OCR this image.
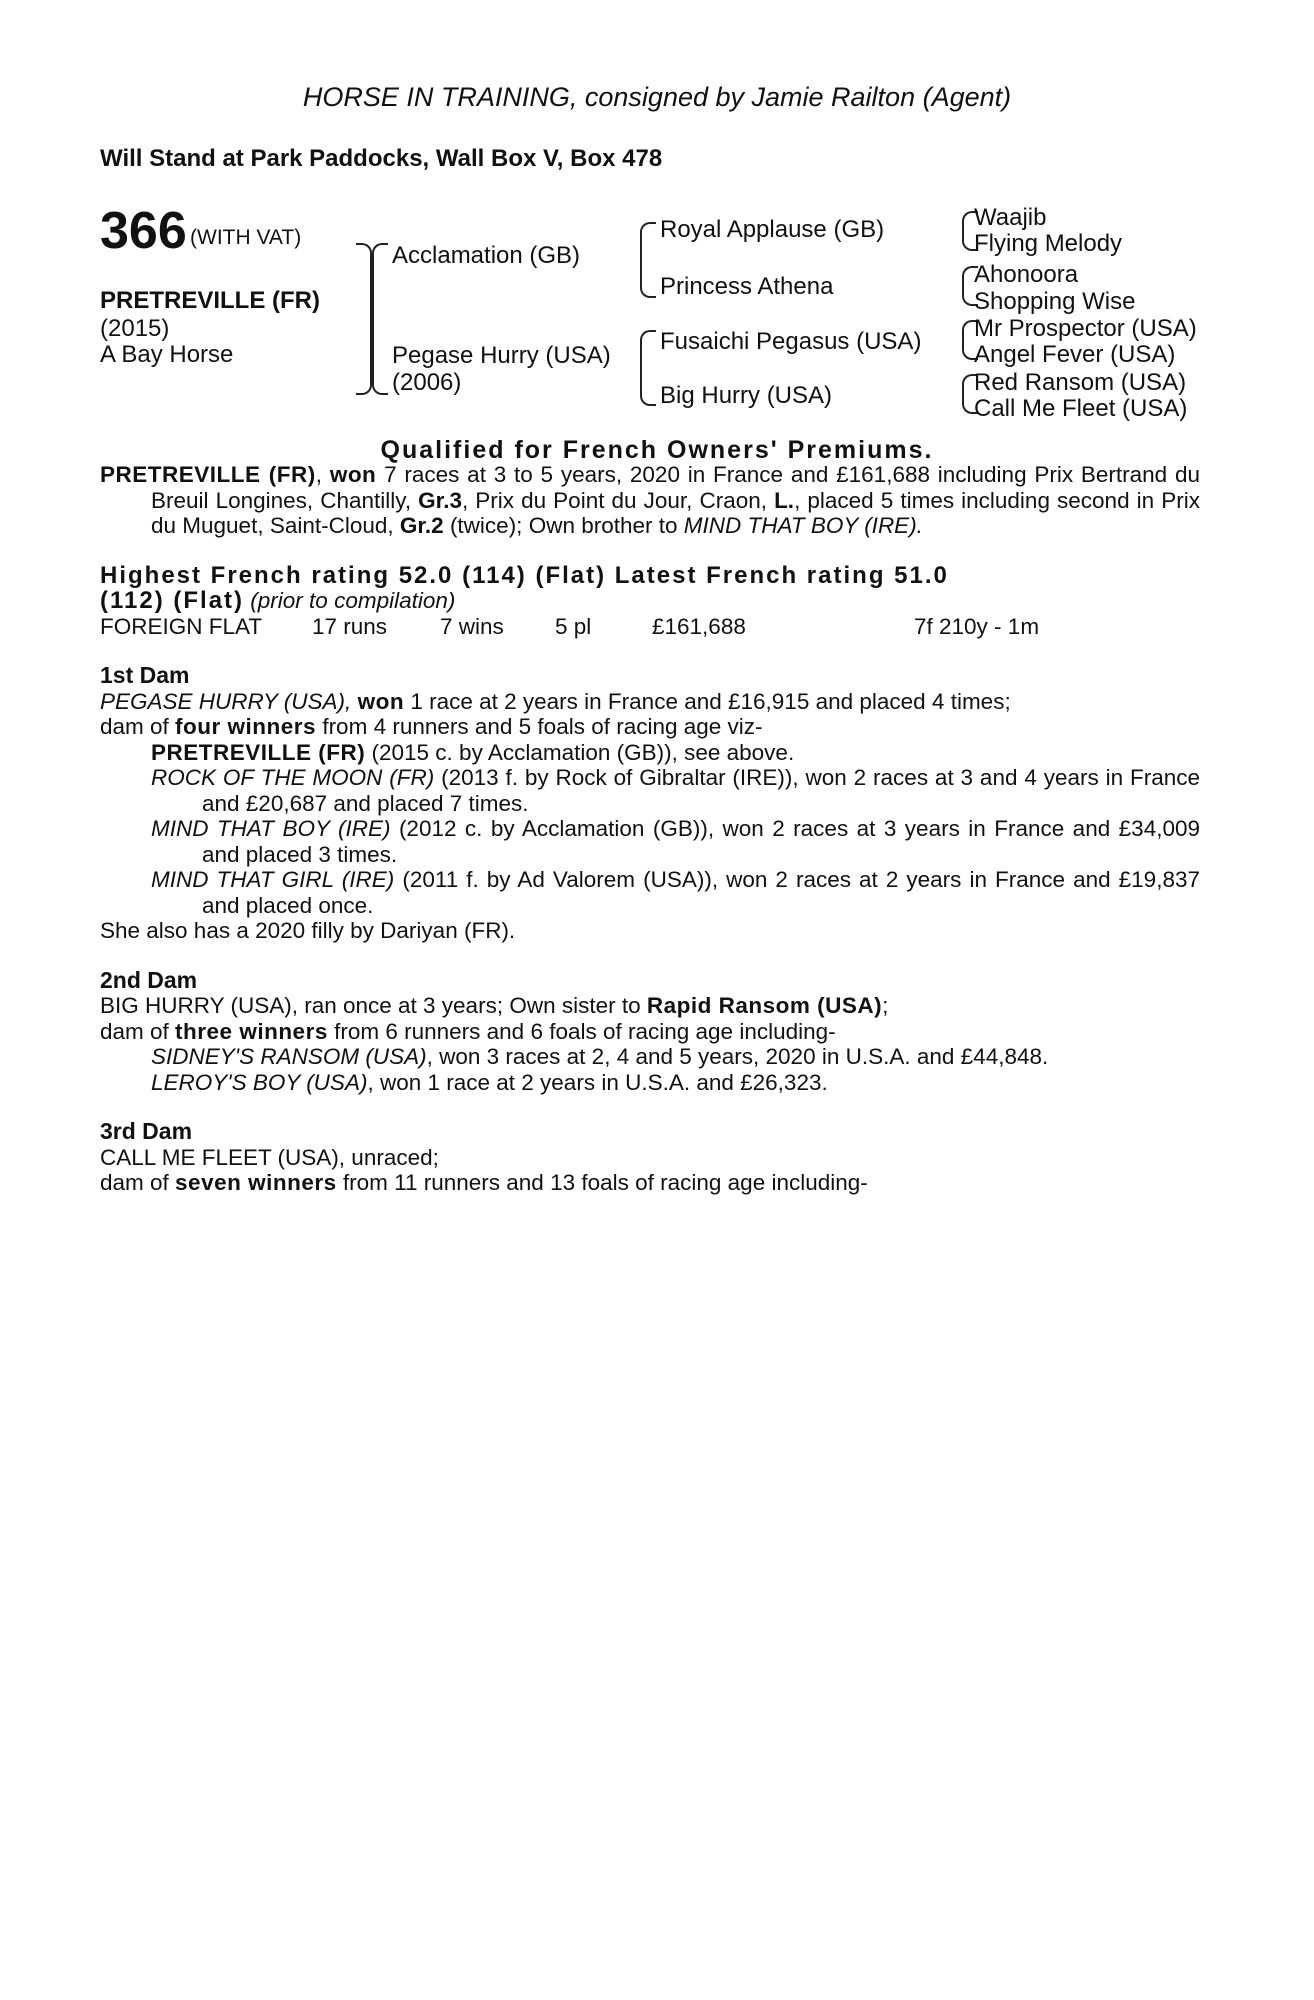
HORSE IN TRAINING, consigned by Jamie Railton (Agent)
Will Stand at Park Paddocks, Wall Box V, Box 478
366 (WITH VAT)
PRETREVILLE (FR)
(2015)
A Bay Horse
Acclamation (GB)
Pegase Hurry (USA)
(2006)
Royal Applause (GB)
Princess Athena
Fusaichi Pegasus (USA)
Big Hurry (USA)
Waajib
Flying Melody
Ahonoora
Shopping Wise
Mr Prospector (USA)
Angel Fever (USA)
Red Ransom (USA)
Call Me Fleet (USA)
Qualified for French Owners' Premiums.

PRETREVILLE (FR), won 7 races at 3 to 5 years, 2020 in France and £161,688 including Prix Bertrand du Breuil Longines, Chantilly, Gr.3, Prix du Point du Jour, Craon, L., placed 5 times including second in Prix du Muguet, Saint-Cloud, Gr.2 (twice); Own brother to MIND THAT BOY (IRE).

Highest French rating 52.0 (114) (Flat) Latest French rating 51.0
(112) (Flat) (prior to compilation)
FOREIGN FLAT	17 runs	7 wins	5 pl	£161,688	7f 210y - 1m
1st Dam

PEGASE HURRY (USA), won 1 race at 2 years in France and £16,915 and placed 4 times;

dam of four winners from 4 runners and 5 foals of racing age viz-

PRETREVILLE (FR) (2015 c. by Acclamation (GB)), see above.

ROCK OF THE MOON (FR) (2013 f. by Rock of Gibraltar (IRE)), won 2 races at 3 and 4 years in France and £20,687 and placed 7 times.

MIND THAT BOY (IRE) (2012 c. by Acclamation (GB)), won 2 races at 3 years in France and £34,009 and placed 3 times.

MIND THAT GIRL (IRE) (2011 f. by Ad Valorem (USA)), won 2 races at 2 years in France and £19,837 and placed once.

She also has a 2020 filly by Dariyan (FR).

2nd Dam

BIG HURRY (USA), ran once at 3 years; Own sister to Rapid Ransom (USA);

dam of three winners from 6 runners and 6 foals of racing age including-

SIDNEY'S RANSOM (USA), won 3 races at 2, 4 and 5 years, 2020 in U.S.A. and £44,848.

LEROY'S BOY (USA), won 1 race at 2 years in U.S.A. and £26,323.

3rd Dam

CALL ME FLEET (USA), unraced;

dam of seven winners from 11 runners and 13 foals of racing age including-
